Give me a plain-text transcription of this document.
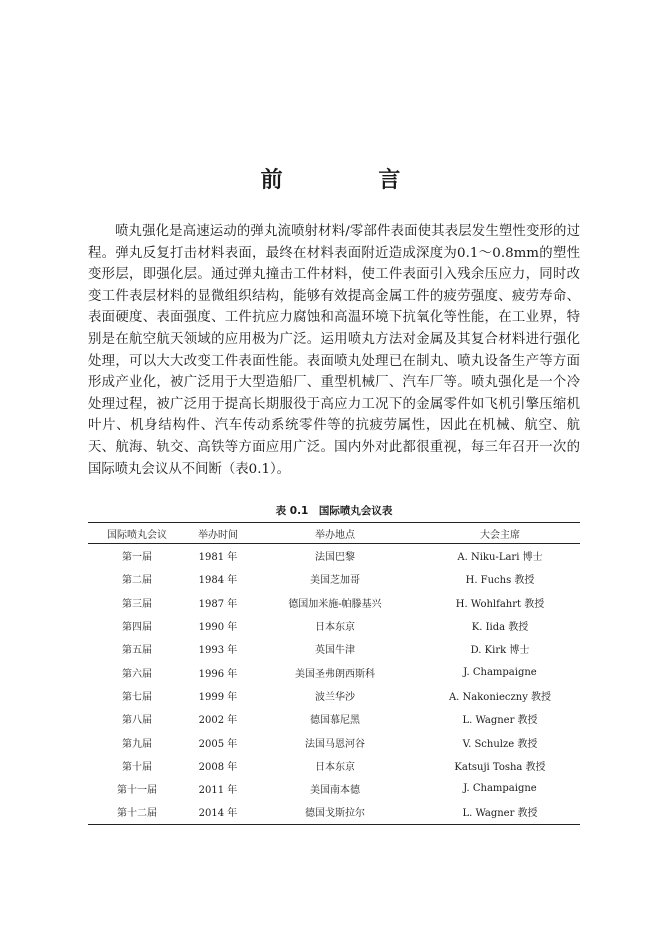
前 言

喷丸强化是高速运动的弹丸流喷射材料/零部件表面使其表层发生塑性变形的过程。弹丸反复打击材料表面，最终在材料表面附近造成深度为0.1～0.8mm的塑性变形层，即强化层。通过弹丸撞击工件材料，使工件表面引入残余压应力，同时改变工件表层材料的显微组织结构，能够有效提高金属工件的疲劳强度、疲劳寿命、表面硬度、表面强度、工件抗应力腐蚀和高温环境下抗氧化等性能，在工业界，特别是在航空航天领域的应用极为广泛。运用喷丸方法对金属及其复合材料进行强化处理，可以大大改变工件表面性能。表面喷丸处理已在制丸、喷丸设备生产等方面形成产业化，被广泛用于大型造船厂、重型机械厂、汽车厂等。喷丸强化是一个冷处理过程，被广泛用于提高长期服役于高应力工况下的金属零件如飞机引擎压缩机叶片、机身结构件、汽车传动系统零件等的抗疲劳属性，因此在机械、航空、航天、航海、轨交、高铁等方面应用广泛。国内外对此都很重视，每三年召开一次的国际喷丸会议从不间断（表0.1）。

表 0.1　国际喷丸会议表
国际喷丸会议	举办时间	举办地点	大会主席
第一届	1981 年	法国巴黎	A. Niku-Lari 博士
第二届	1984 年	美国芝加哥	H. Fuchs 教授
第三届	1987 年	德国加米施-帕滕基兴	H. Wohlfahrt 教授
第四届	1990 年	日本东京	K. Iida 教授
第五届	1993 年	英国牛津	D. Kirk 博士
第六届	1996 年	美国圣弗朗西斯科	J. Champaigne
第七届	1999 年	波兰华沙	A. Nakonieczny 教授
第八届	2002 年	德国慕尼黑	L. Wagner 教授
第九届	2005 年	法国马恩河谷	V. Schulze 教授
第十届	2008 年	日本东京	Katsuji Tosha 教授
第十一届	2011 年	美国南本德	J. Champaigne
第十二届	2014 年	德国戈斯拉尔	L. Wagner 教授
